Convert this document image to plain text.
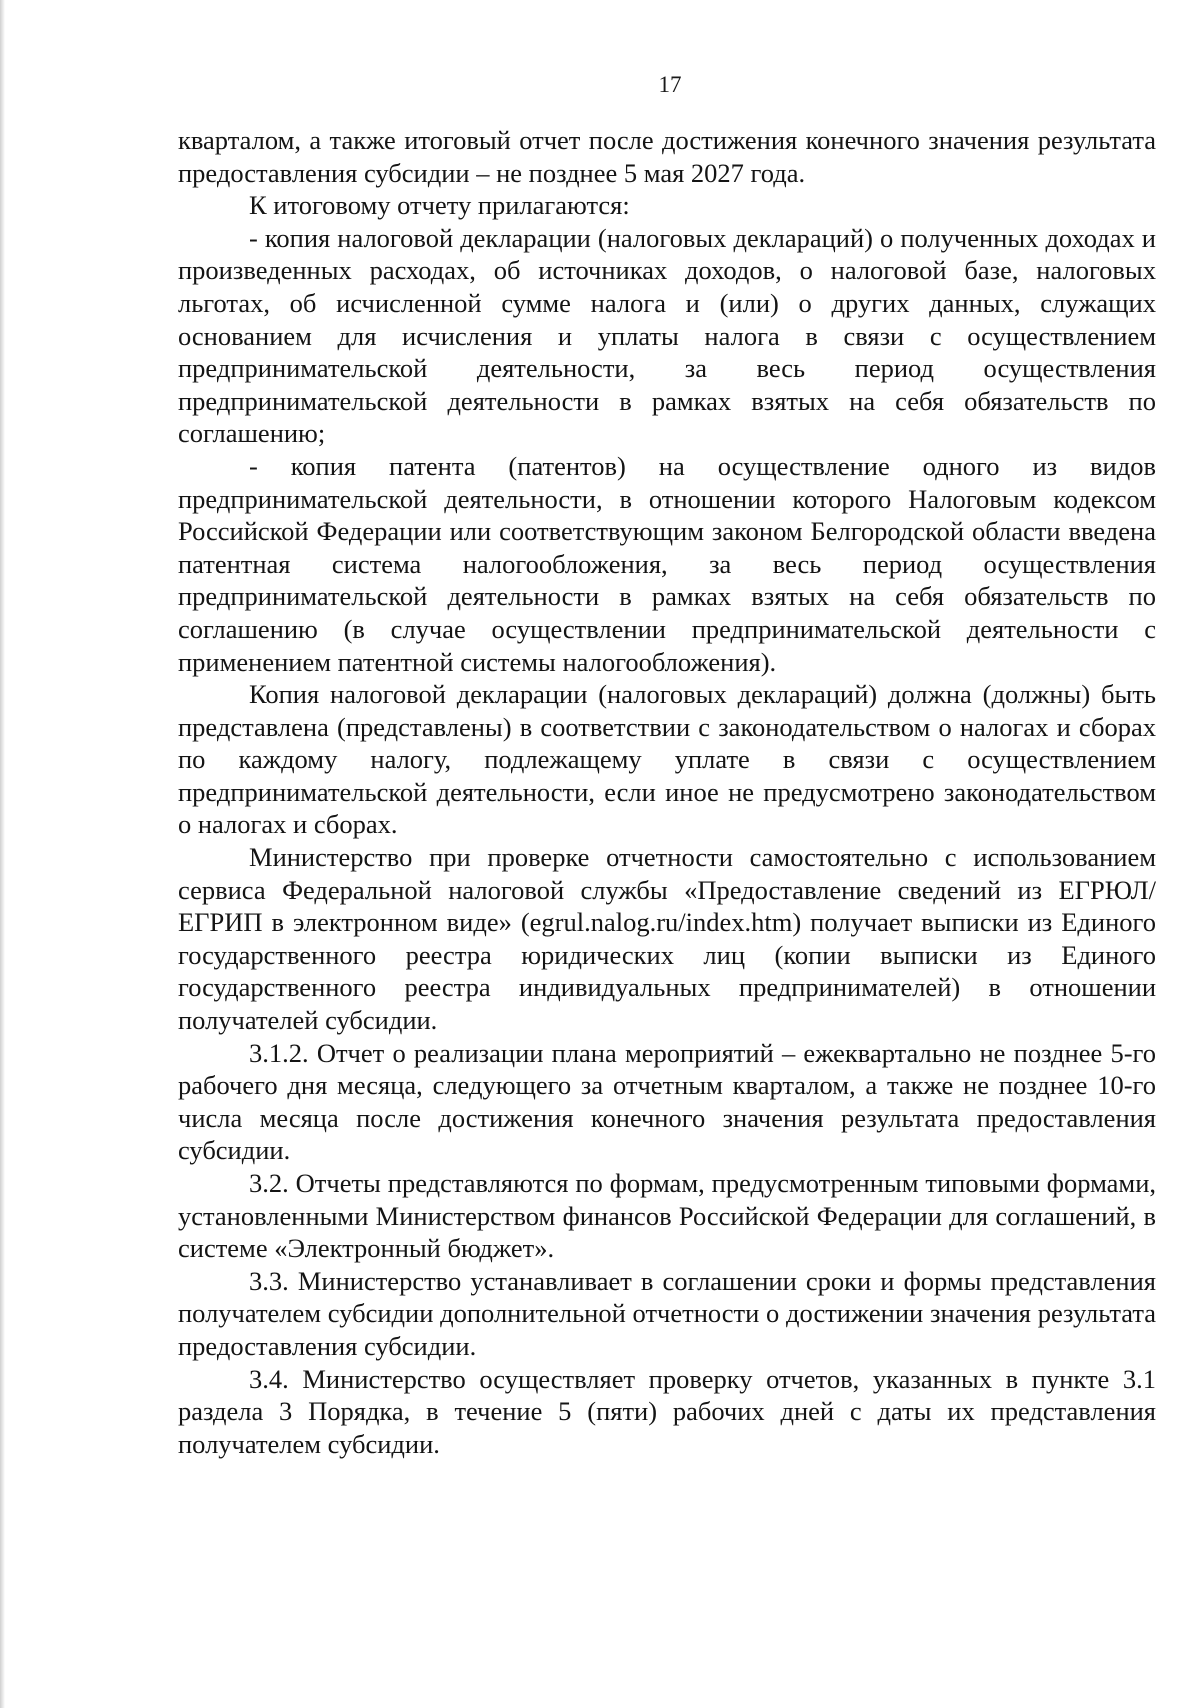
17

кварталом, а также итоговый отчет после достижения конечного значения результата предоставления субсидии – не позднее 5 мая 2027 года.

К итоговому отчету прилагаются:

- копия налоговой декларации (налоговых деклараций) о полученных доходах и произведенных расходах, об источниках доходов, о налоговой базе, налоговых льготах, об исчисленной сумме налога и (или) о других данных, служащих основанием для исчисления и уплаты налога в связи с осуществлением предпринимательской деятельности, за весь период осуществления предпринимательской деятельности в рамках взятых на себя обязательств по соглашению;

- копия патента (патентов) на осуществление одного из видов предпринимательской деятельности, в отношении которого Налоговым кодексом Российской Федерации или соответствующим законом Белгородской области введена патентная система налогообложения, за весь период осуществления предпринимательской деятельности в рамках взятых на себя обязательств по соглашению (в случае осуществлении предпринимательской деятельности с применением патентной системы налогообложения).

Копия налоговой декларации (налоговых деклараций) должна (должны) быть представлена (представлены) в соответствии с законодательством о налогах и сборах по каждому налогу, подлежащему уплате в связи с осуществлением предпринимательской деятельности, если иное не предусмотрено законодательством о налогах и сборах.

Министерство при проверке отчетности самостоятельно с использованием сервиса Федеральной налоговой службы «Предоставление сведений из ЕГРЮЛ/ЕГРИП в электронном виде» (egrul.nalog.ru/index.htm) получает выписки из Единого государственного реестра юридических лиц (копии выписки из Единого государственного реестра индивидуальных предпринимателей) в отношении получателей субсидии.

3.1.2. Отчет о реализации плана мероприятий – ежеквартально не позднее 5-го рабочего дня месяца, следующего за отчетным кварталом, а также не позднее 10-го числа месяца после достижения конечного значения результата предоставления субсидии.

3.2. Отчеты представляются по формам, предусмотренным типовыми формами, установленными Министерством финансов Российской Федерации для соглашений, в системе «Электронный бюджет».

3.3. Министерство устанавливает в соглашении сроки и формы представления получателем субсидии дополнительной отчетности о достижении значения результата предоставления субсидии.

3.4. Министерство осуществляет проверку отчетов, указанных в пункте 3.1 раздела 3 Порядка, в течение 5 (пяти) рабочих дней с даты их представления получателем субсидии.
